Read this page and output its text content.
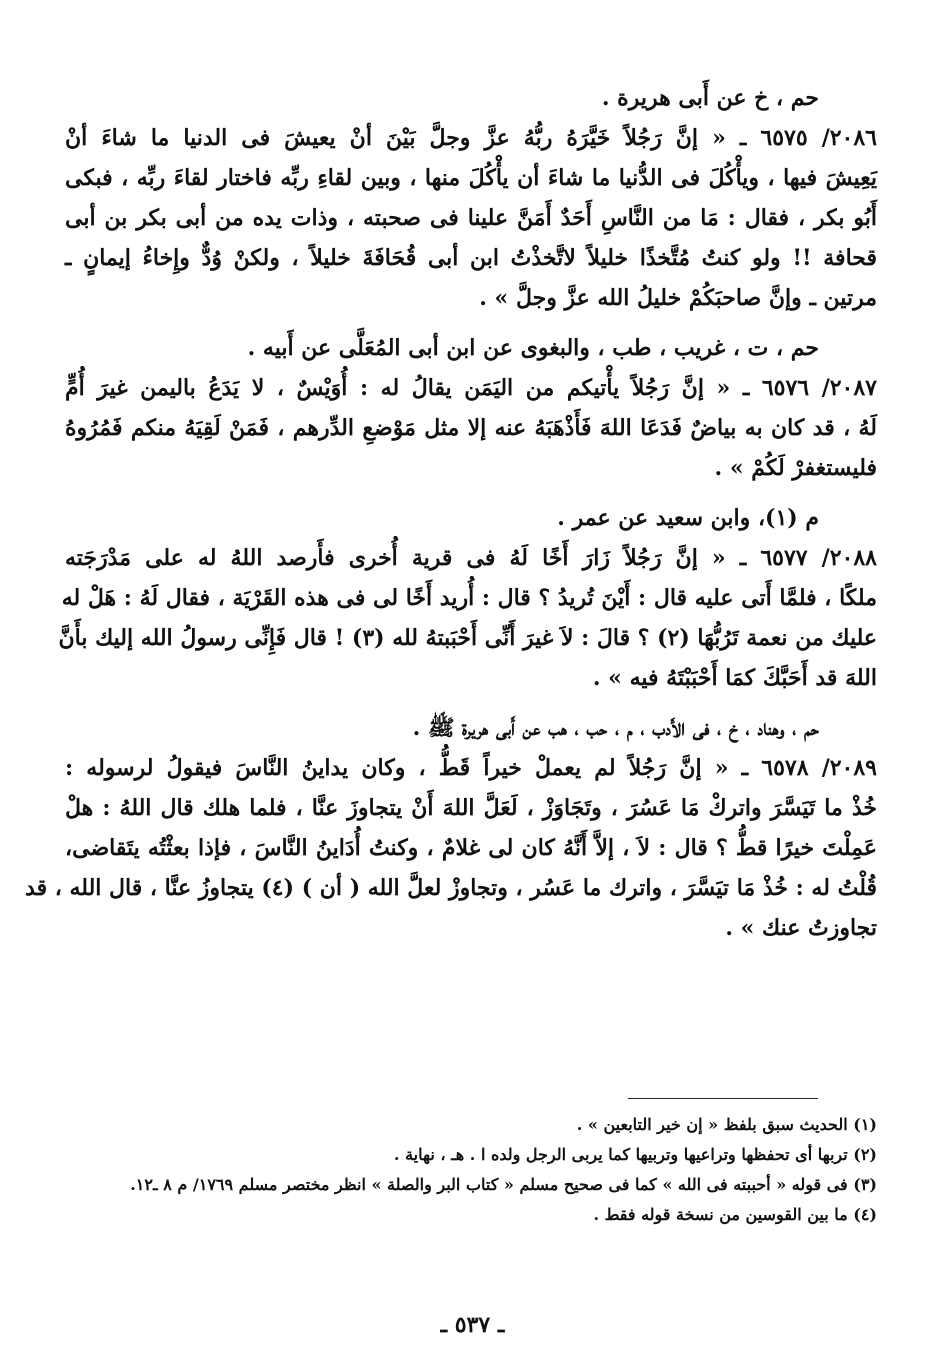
حم ، خ عن أَبى هريرة .
٢٠٨٦/ ٦٥٧٥ ـ « إنَّ رَجُلاً خَيَّرَهُ ربُّهُ عزَّ وجلَّ بَيْنَ أنْ يعيشَ فى الدنيا ما شاءَ أنْ
يَعِيشَ فيها ، ويأْكُلَ فى الدُّنيا ما شاءَ أن يأْكُلَ منها ، وبين لقاءِ ربِّه فاختار لقاءَ ربِّه ، فبكى
أَبُو بكر ، فقال : مَا من النَّاسِ أَحَدٌ أَمَنَّ علينا فى صحبته ، وذات يده من أبى بكر بن أبى
قحافة !! ولو كنتُ مُتَّخذًا خليلاً لاتَّخذْتُ ابن أبى قُحَافَةَ خليلاً ، ولكنْ وُدٌّ وإِخاءُ إيمانٍ ـ
مرتين ـ وإنَّ صاحبَكُمْ خليلُ الله عزَّ وجلَّ » .
حم ، ت ، غريب ، طب ، والبغوى عن ابن أبى المُعَلَّى عن أَبيه .
٢٠٨٧/ ٦٥٧٦ ـ « إنَّ رَجُلاً يأْتيكم من اليَمَن يقالُ له : أُوَيْسٌ ، لا يَدَعُ باليمن غيرَ أُمٍّ
لَهُ ، قد كان به بياضٌ فَدَعَا اللهَ فَأَذْهَبَهُ عنه إلا مثل مَوْضعِ الدِّرهم ، فَمَنْ لَقِيَهُ منكم فَمُرُوهُ
فليستغفرْ لَكُمْ » .
م (١)، وابن سعيد عن عمر .
٢٠٨٨/ ٦٥٧٧ ـ « إنَّ رَجُلاً زَارَ أَخًا لَهُ فى قرية أُخرى فأَرصد اللهُ له على مَدْرَجَته
ملكًا ، فلمَّا أَتى عليه قال : أَيْنَ تُريدُ ؟ قال : أُريد أَخًا لى فى هذه القَرْيَة ، فقال لَهُ : هَلْ له
عليك من نعمة تَرُبُّهَا (٢) ؟ قالَ : لاَ غيرَ أَنِّى أَحْبَبتهُ لله (٣) ! قال فَإِنِّى رسولُ الله إليك بأَنَّ
اللهَ قد أَحَبَّكَ كمَا أَحْبَبْتَهُ فيه » .
حم ، وهناد ، خ ، فى الأَدب ، م ، حب ، هب عن أَبى هريرة ﷺ .
٢٠٨٩/ ٦٥٧٨ ـ « إنَّ رَجُلاً لم يعملْ خيراً قَطُّ ، وكان يداينُ النَّاسَ فيقولُ لرسوله :
خُذْ ما تَيَسَّرَ واتركْ مَا عَسُرَ ، وتَجَاوَزْ ، لَعَلَّ اللهَ أَنْ يتجاوزَ عنَّا ، فلما هلك قال اللهُ : هلْ
عَمِلْتَ خيرًا قطُّ ؟ قال : لاَ ، إلاَّ أَنَّهُ كان لى غلامٌ ، وكنتُ أُدَاينُ النَّاسَ ، فإذا بعثْتُه يتَقاضى،
قُلْتُ له : خُذْ مَا تيَسَّرَ ، واترك ما عَسُر ، وتجاوزْ لعلَّ الله ( أن ) (٤) يتجاوزُ عنَّا ، قال الله ، قد
تجاوزتُ عنك » .
(١) الحديث سبق بلفظ « إن خير التابعين » .
(٢) تربها أى تحفظها وتراعيها وتربيها كما يربى الرجل ولده ا . هـ ، نهاية .
(٣) فى قوله « أحببته فى الله » كما فى صحيح مسلم « كتاب البر والصلة » انظر مختصر مسلم ١٧٦٩/ م ٨ ـ١٢.
(٤) ما بين القوسين من نسخة قوله فقط .
ـ ٥٣٧ ـ
